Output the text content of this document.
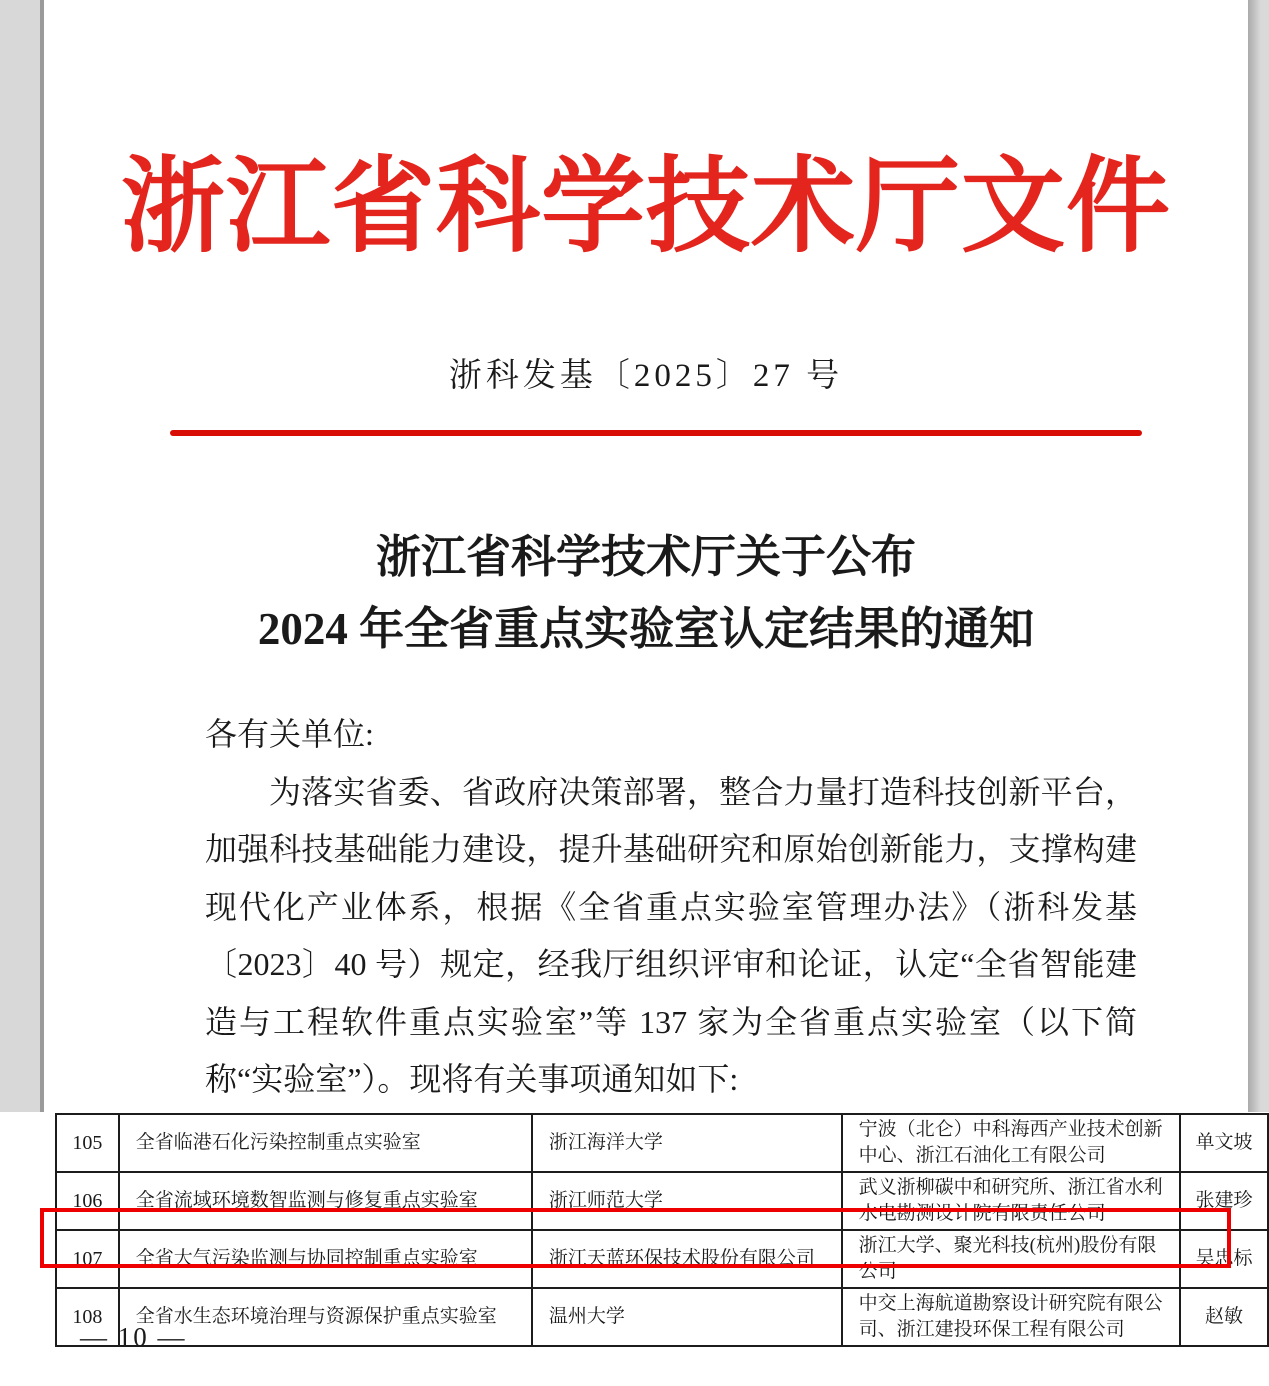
浙江省科学技术厅文件
浙科发基〔2025〕27 号
浙江省科学技术厅关于公布
2024 年全省重点实验室认定结果的通知

各有关单位:

为落实省委、省政府决策部署，整合力量打造科技创新平台，加强科技基础能力建设，提升基础研究和原始创新能力，支撑构建现代化产业体系，根据《全省重点实验室管理办法》（浙科发基〔2023〕40 号）规定，经我厅组织评审和论证，认定“全省智能建造与工程软件重点实验室”等 137 家为全省重点实验室（以下简称“实验室”）。现将有关事项通知如下:

105	全省临港石化污染控制重点实验室	浙江海洋大学	宁波（北仑）中科海西产业技术创新中心、浙江石油化工有限公司	单文坡
106	全省流域环境数智监测与修复重点实验室	浙江师范大学	武义浙柳碳中和研究所、浙江省水利水电勘测设计院有限责任公司	张建珍
107	全省大气污染监测与协同控制重点实验室	浙江天蓝环保技术股份有限公司	浙江大学、聚光科技(杭州)股份有限公司	吴忠标
108	全省水生态环境治理与资源保护重点实验室	温州大学	中交上海航道勘察设计研究院有限公司、浙江建投环保工程有限公司	赵敏
— 10 —
